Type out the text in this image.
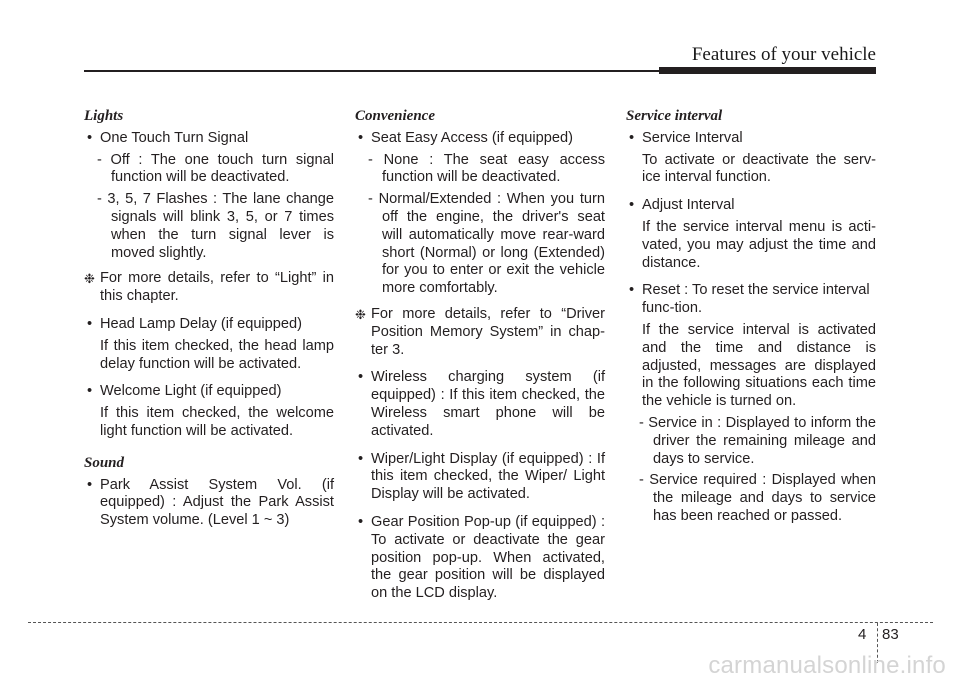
Features of your vehicle
Lights
• One Touch Turn Signal
- Off : The one touch turn signal function will be deactivated.
- 3, 5, 7 Flashes : The lane change signals will blink 3, 5, or 7 times when the turn signal lever is moved slightly.
❉ For more details, refer to “Light” in this chapter.
• Head Lamp Delay (if equipped)
If this item checked, the head lamp delay function will be activated.
• Welcome Light (if equipped)
If this item checked, the welcome light function will be activated.
Sound
• Park Assist System Vol. (if equipped) : Adjust the Park Assist System volume. (Level 1 ~ 3)
Convenience
• Seat Easy Access (if equipped)
- None : The seat easy access function will be deactivated.
- Normal/Extended : When you turn off the engine, the driver's seat will automatically move rear-ward short (Normal) or long (Extended) for you to enter or exit the vehicle more comfortably.
❉ For more details, refer to “Driver Position Memory System” in chap-ter 3.
• Wireless charging system (if equipped) : If this item checked, the Wireless smart phone will be activated.
• Wiper/Light Display (if equipped) : If this item checked, the Wiper/ Light Display will be activated.
• Gear Position Pop-up (if equipped) : To activate or deactivate the gear position pop-up. When activated, the gear position will be displayed on the LCD display.
Service interval
• Service Interval
To activate or deactivate the serv-ice interval function.
• Adjust Interval
If the service interval menu is acti-vated, you may adjust the time and distance.
• Reset : To reset the service interval func-tion.
If the service interval is activated and the time and distance is adjusted, messages are displayed in the following situations each time the vehicle is turned on.
- Service in : Displayed to inform the driver the remaining mileage and days to service.
- Service required : Displayed when the mileage and days to service has been reached or passed.
4 83
carmanualsonline.info
